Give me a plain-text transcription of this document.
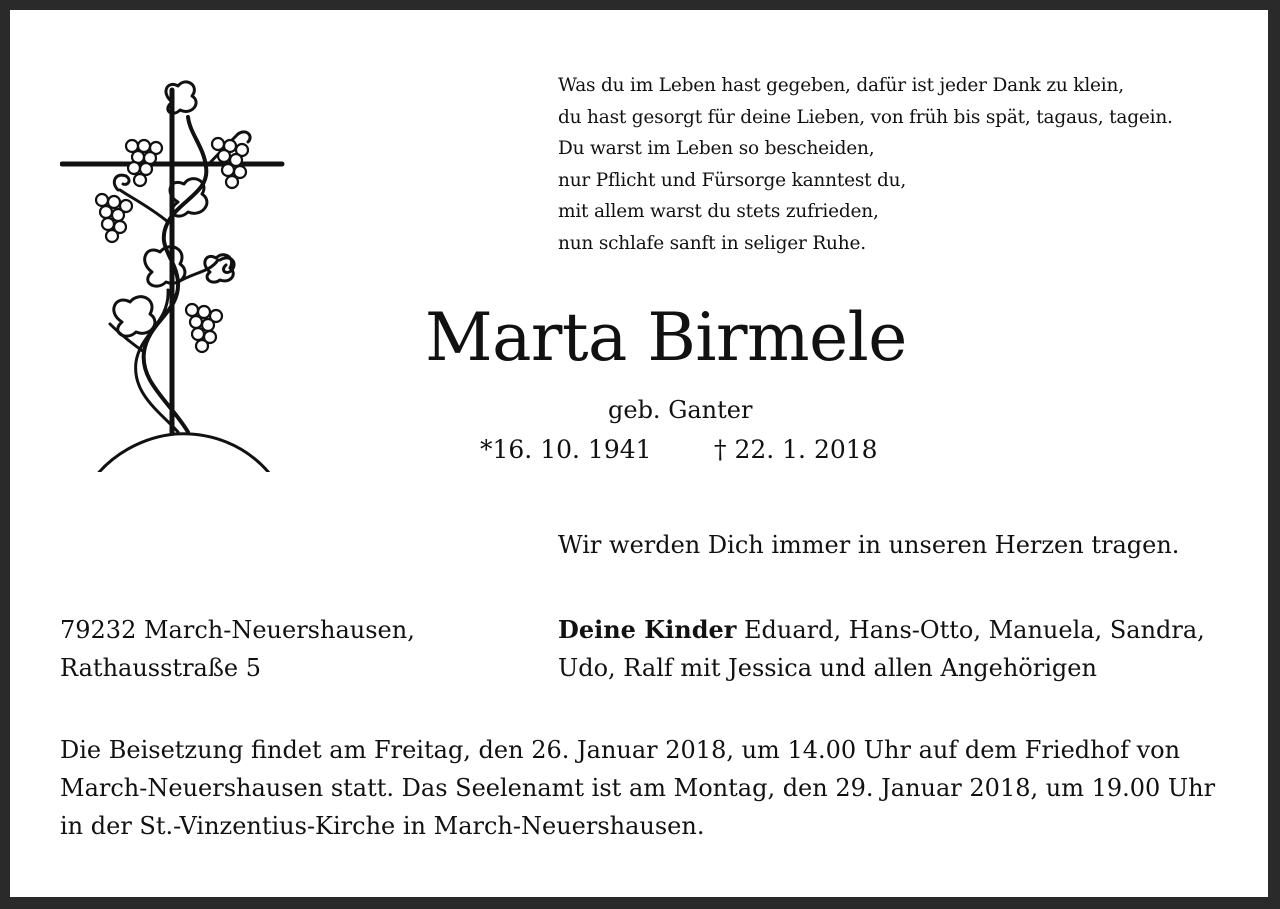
Was du im Leben hast gegeben, dafür ist jeder Dank zu klein,
du hast gesorgt für deine Lieben, von früh bis spät, tagaus, tagein.
Du warst im Leben so bescheiden,
nur Pflicht und Fürsorge kanntest du,
mit allem warst du stets zufrieden,
nun schlafe sanft in seliger Ruhe.
Marta Birmele
geb. Ganter
*16. 10. 1941 † 22. 1. 2018
Wir werden Dich immer in unseren Herzen tragen.
79232 March-Neuershausen,
Rathausstraße 5
Deine Kinder Eduard, Hans-Otto, Manuela, Sandra,
Udo, Ralf mit Jessica und allen Angehörigen
Die Beisetzung findet am Freitag, den 26. Januar 2018, um 14.00 Uhr auf dem Friedhof von
March-Neuershausen statt. Das Seelenamt ist am Montag, den 29. Januar 2018, um 19.00 Uhr
in der St.-Vinzentius-Kirche in March-Neuershausen.
